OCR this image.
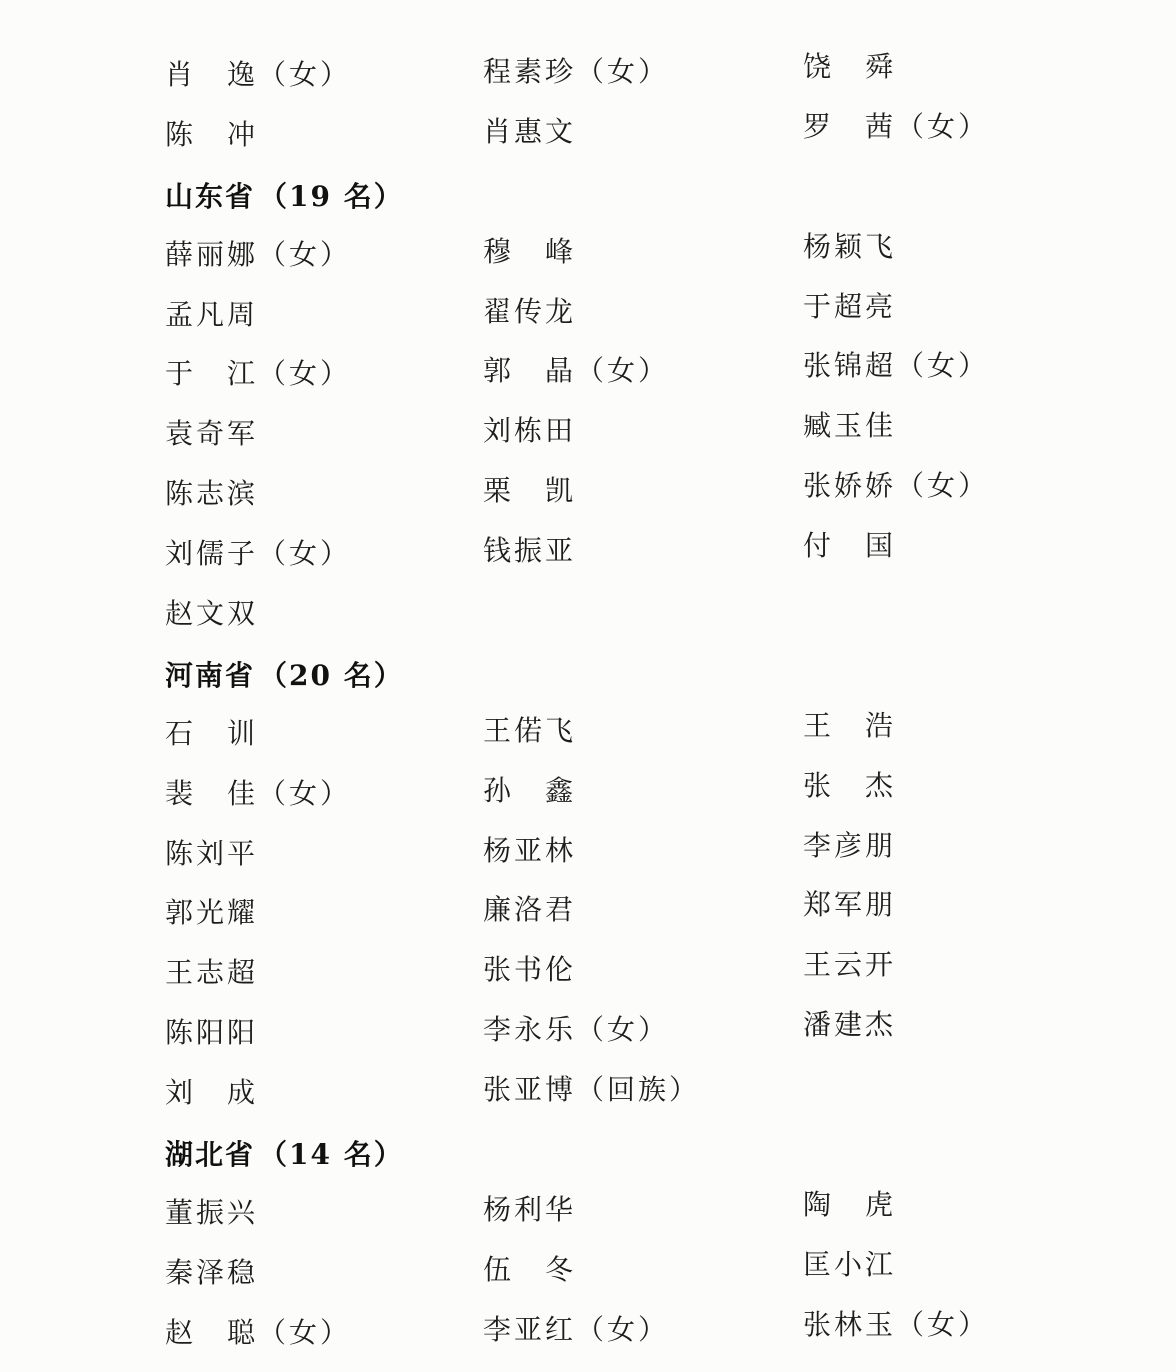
肖　逸（女）	程素珍（女）	饶　舜
陈　冲	肖惠文	罗　茜（女）
山东省 （19 名）
薛丽娜（女）	穆　峰	杨颖飞
孟凡周	翟传龙	于超亮
于　江（女）	郭　晶（女）	张锦超（女）
袁奇军	刘栋田	臧玉佳
陈志滨	栗　凯	张娇娇（女）
刘儒子（女）	钱振亚	付　国
赵文双
河南省 （20 名）
石　训	王偌飞	王　浩
裴　佳（女）	孙　鑫	张　杰
陈刘平	杨亚林	李彦朋
郭光耀	廉洛君	郑军朋
王志超	张书伦	王云开
陈阳阳	李永乐（女）	潘建杰
刘　成	张亚博（回族）
湖北省 （14 名）
董振兴	杨利华	陶　虎
秦泽稳	伍　冬	匡小江
赵　聪（女）	李亚红（女）	张林玉（女）
